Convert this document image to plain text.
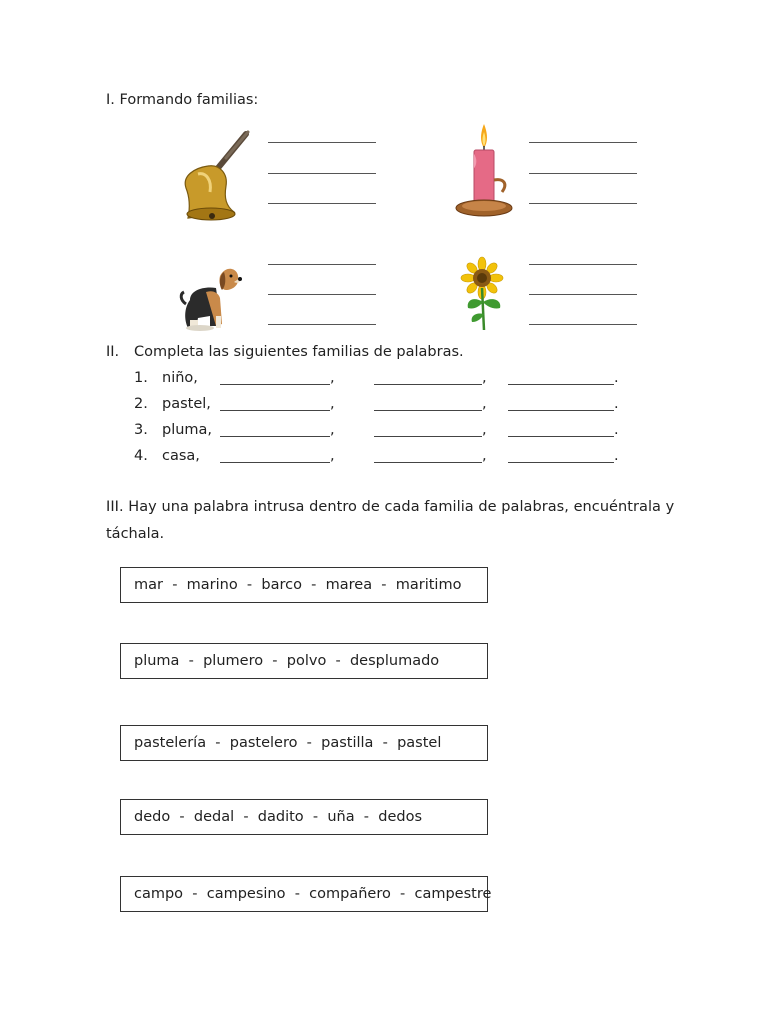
I. Formando familias:
II. Completa las siguientes familias de palabras.
1. niño,	,	,	.
2. pastel,	,	,	.
3. pluma,	,	,	.
4. casa,	,	,	.
III. Hay una palabra intrusa dentro de cada familia de palabras, encuéntrala y
táchala.
mar  -  marino  -  barco  -  marea  -  maritimo
pluma  -  plumero  -  polvo  -  desplumado
pastelería  -  pastelero  -  pastilla  -  pastel
dedo  -  dedal  -  dadito  -  uña  -  dedos
campo  -  campesino  -  compañero  -  campestre
